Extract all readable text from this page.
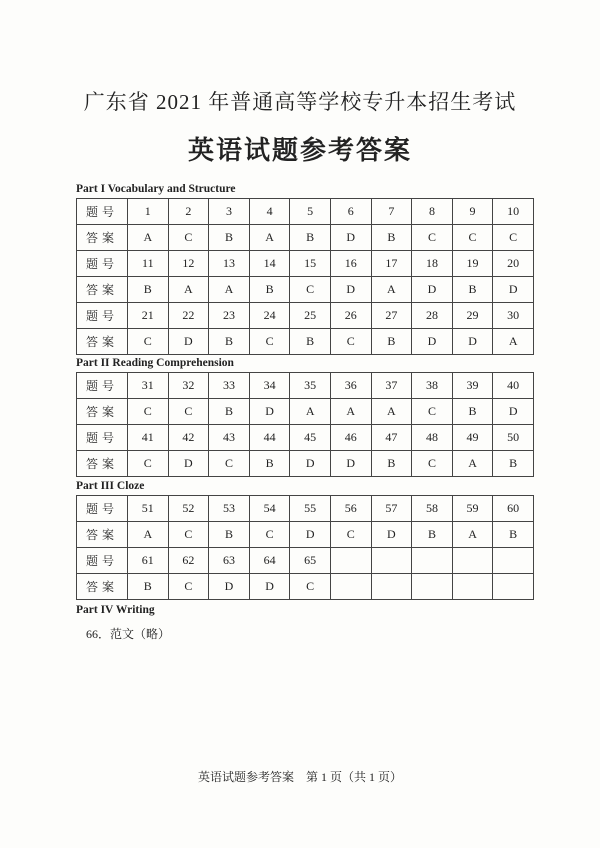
广东省 2021 年普通高等学校专升本招生考试
英语试题参考答案
Part I Vocabulary and Structure
题号	1	2	3	4	5	6	7	8	9	10
答案	A	C	B	A	B	D	B	C	C	C
题号	11	12	13	14	15	16	17	18	19	20
答案	B	A	A	B	C	D	A	D	B	D
题号	21	22	23	24	25	26	27	28	29	30
答案	C	D	B	C	B	C	B	D	D	A
Part II Reading Comprehension
题号	31	32	33	34	35	36	37	38	39	40
答案	C	C	B	D	A	A	A	C	B	D
题号	41	42	43	44	45	46	47	48	49	50
答案	C	D	C	B	D	D	B	C	A	B
Part III Cloze
题号	51	52	53	54	55	56	57	58	59	60
答案	A	C	B	C	D	C	D	B	A	B
题号	61	62	63	64	65					
答案	B	C	D	D	C					
Part IV Writing
66．范文（略）
英语试题参考答案　第 1 页（共 1 页）
